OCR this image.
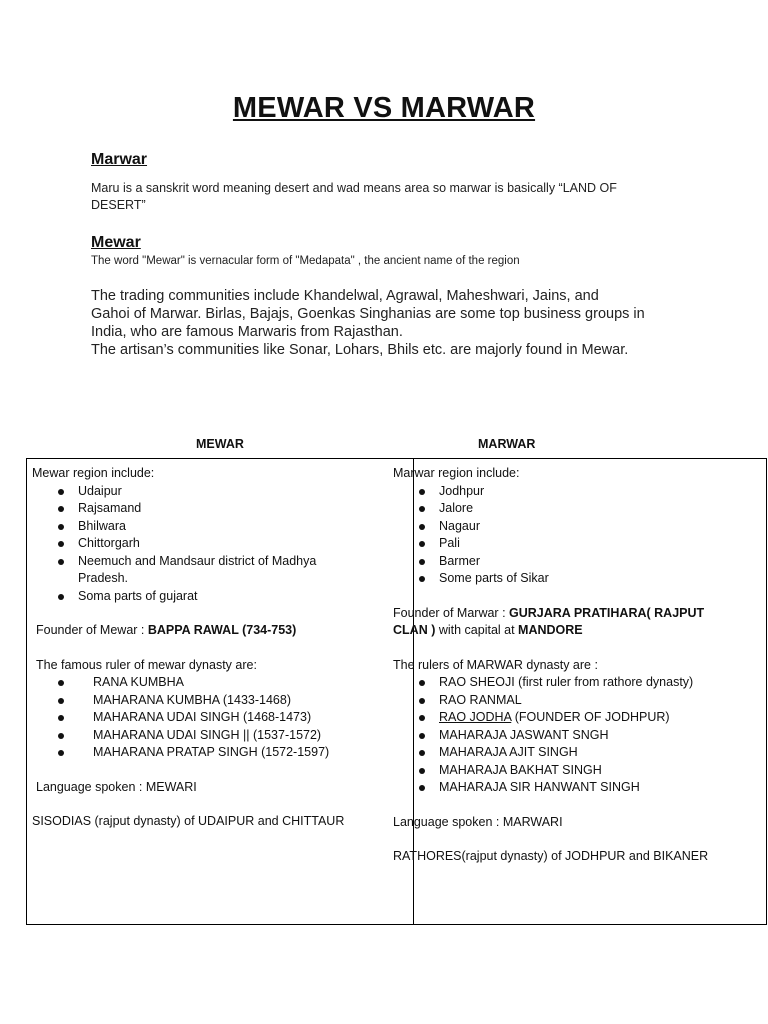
MEWAR VS MARWAR
Marwar
Maru is a sanskrit word meaning desert and wad means area so marwar is basically “LAND OF
DESERT”
Mewar
The word "Mewar" is vernacular form of "Medapata" , the ancient name of the region
The trading communities include Khandelwal, Agrawal, Maheshwari, Jains, and
Gahoi of Marwar. Birlas, Bajajs, Goenkas Singhanias are some top business groups in
India, who are famous Marwaris from Rajasthan.
The artisan’s communities like Sonar, Lohars, Bhils etc. are majorly found in Mewar.
MEWAR	MARWAR

Mewar region include:

Udaipur
Rajsamand
Bhilwara
Chittorgarh
Neemuch and Mandsaur district of Madhya
Pradesh.
Soma parts of gujarat

Founder of Mewar : BAPPA RAWAL (734-753)

The famous ruler of mewar dynasty are:

RANA KUMBHA
MAHARANA KUMBHA (1433-1468)
MAHARANA UDAI SINGH (1468-1473)
MAHARANA UDAI SINGH || (1537-1572)
MAHARANA PRATAP SINGH (1572-1597)

Language spoken : MEWARI

SISODIAS (rajput dynasty) of UDAIPUR and CHITTAUR

Marwar region include:

Jodhpur
Jalore
Nagaur
Pali
Barmer
Some parts of Sikar

Founder of Marwar : GURJARA PRATIHARA( RAJPUT

CLAN ) with capital at MANDORE

The rulers of MARWAR dynasty are :

RAO SHEOJI (first ruler from rathore dynasty)
RAO RANMAL
RAO JODHA (FOUNDER OF JODHPUR)
MAHARAJA JASWANT SNGH
MAHARAJA AJIT SINGH
MAHARAJA BAKHAT SINGH
MAHARAJA SIR HANWANT SINGH

Language spoken : MARWARI

RATHORES(rajput dynasty) of JODHPUR and BIKANER
